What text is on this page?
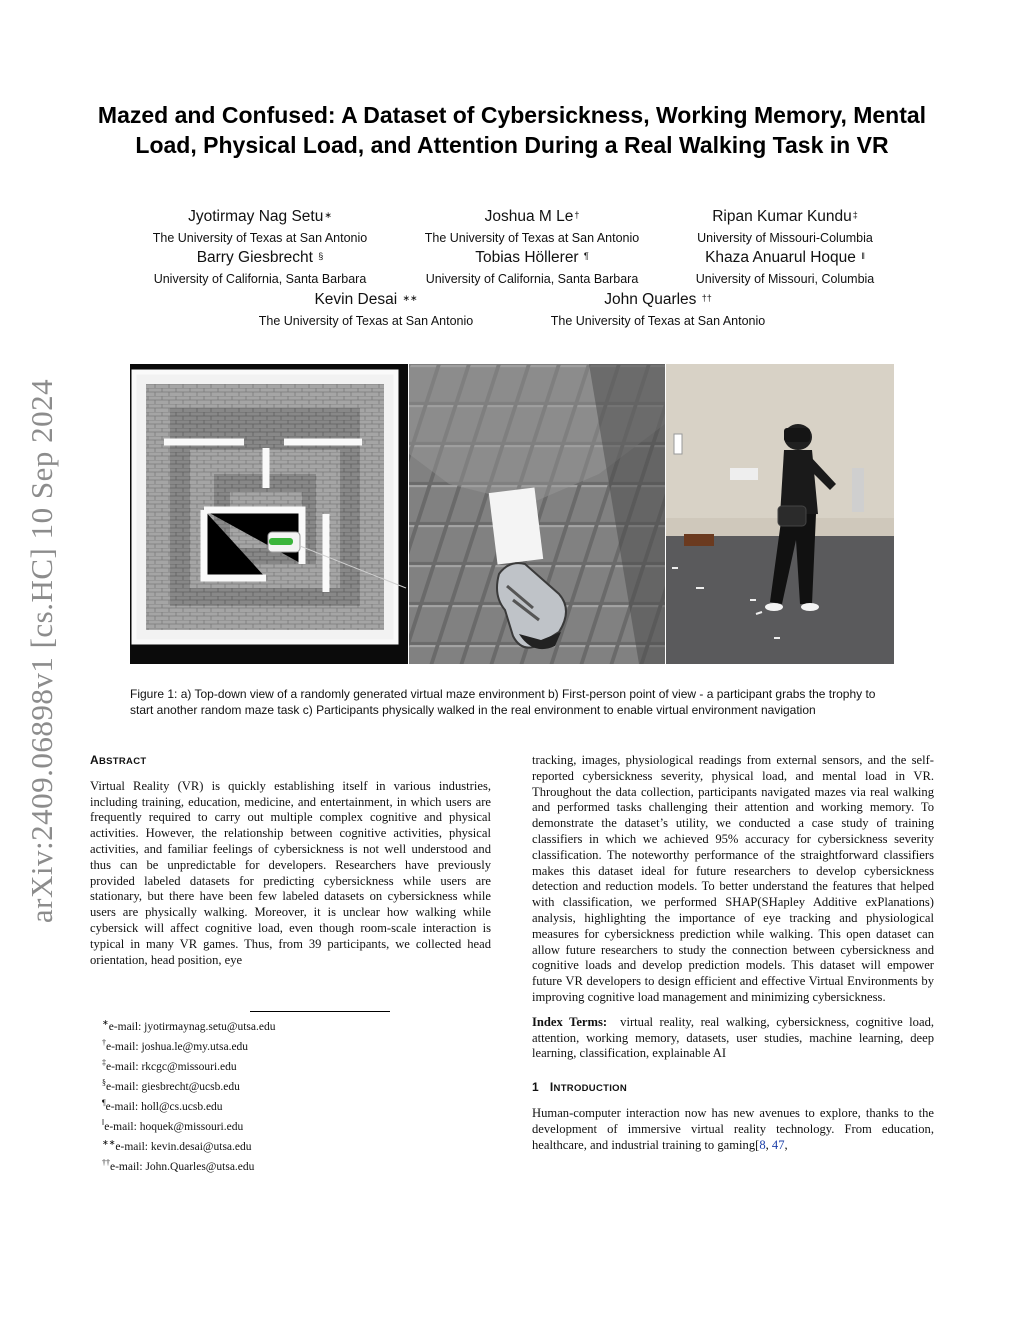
arXiv:2409.06898v1 [cs.HC] 10 Sep 2024
Mazed and Confused: A Dataset of Cybersickness, Working Memory, Mental Load, Physical Load, and Attention During a Real Walking Task in VR
Jyotirmay Nag Setu∗
The University of Texas at San Antonio
Joshua M Le†
The University of Texas at San Antonio
Ripan Kumar Kundu‡
University of Missouri-Columbia
Barry Giesbrecht §
University of California, Santa Barbara
Tobias Höllerer ¶
University of California, Santa Barbara
Khaza Anuarul Hoque ‖
University of Missouri, Columbia
Kevin Desai ∗∗
The University of Texas at San Antonio
John Quarles ††
The University of Texas at San Antonio
Figure 1: a) Top-down view of a randomly generated virtual maze environment b) First-person point of view - a participant grabs the trophy to start another random maze task c) Participants physically walked in the real environment to enable virtual environment navigation
ABSTRACT
Virtual Reality (VR) is quickly establishing itself in various industries, including training, education, medicine, and entertainment, in which users are frequently required to carry out multiple complex cognitive and physical activities. However, the relationship between cognitive activities, physical activities, and familiar feelings of cybersickness is not well understood and thus can be unpredictable for developers. Researchers have previously provided labeled datasets for predicting cybersickness while users are stationary, but there have been few labeled datasets on cybersickness while users are physically walking. Moreover, it is unclear how walking while cybersick will affect cognitive load, even though room-scale interaction is typical in many VR games. Thus, from 39 participants, we collected head orientation, head position, eye
∗e-mail: jyotirmaynag.setu@utsa.edu
†e-mail: joshua.le@my.utsa.edu
‡e-mail: rkcgc@missouri.edu
§e-mail: giesbrecht@ucsb.edu
¶e-mail: holl@cs.ucsb.edu
‖e-mail: hoquek@missouri.edu
∗∗e-mail: kevin.desai@utsa.edu
††e-mail: John.Quarles@utsa.edu
tracking, images, physiological readings from external sensors, and the self-reported cybersickness severity, physical load, and mental load in VR. Throughout the data collection, participants navigated mazes via real walking and performed tasks challenging their attention and working memory. To demonstrate the dataset’s utility, we conducted a case study of training classifiers in which we achieved 95% accuracy for cybersickness severity classification. The noteworthy performance of the straightforward classifiers makes this dataset ideal for future researchers to develop cybersickness detection and reduction models. To better understand the features that helped with classification, we performed SHAP(SHapley Additive exPlanations) analysis, highlighting the importance of eye tracking and physiological measures for cybersickness prediction while walking. This open dataset can allow future researchers to study the connection between cybersickness and cognitive loads and develop prediction models. This dataset will empower future VR developers to design efficient and effective Virtual Environments by improving cognitive load management and minimizing cybersickness.
Index Terms: virtual reality, real walking, cybersickness, cognitive load, attention, working memory, datasets, user studies, machine learning, deep learning, classification, explainable AI
1 INTRODUCTION
Human-computer interaction now has new avenues to explore, thanks to the development of immersive virtual reality technology. From education, healthcare, and industrial training to gaming[8, 47,
